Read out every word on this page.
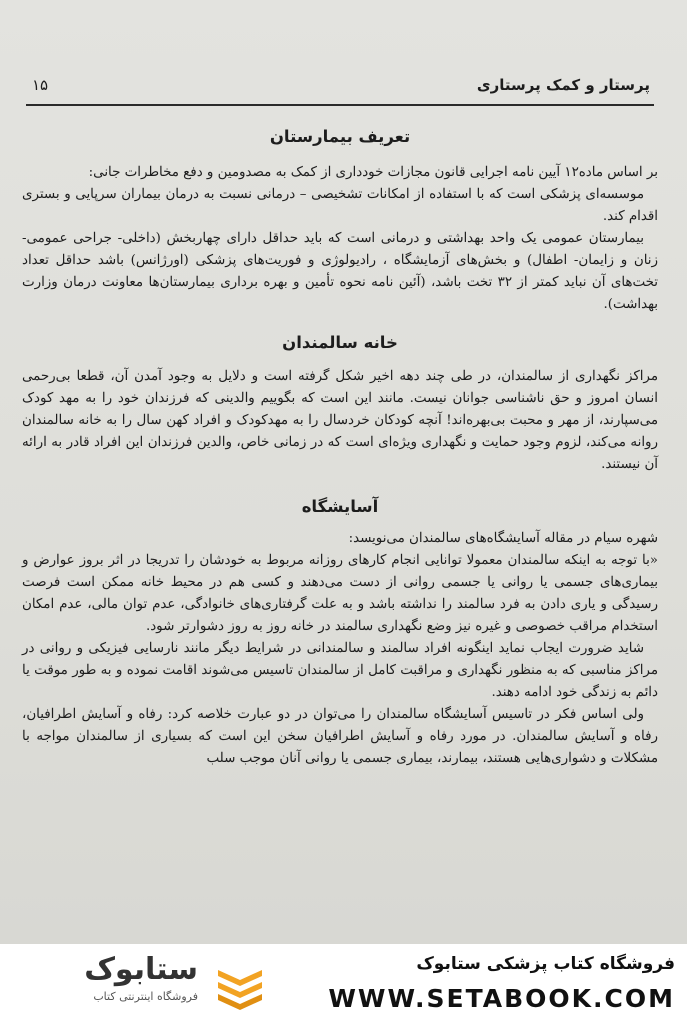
پرستار و کمک پرستاری
۱۵
تعریف بیمارستان

بر اساس ماده۱۲ آیین نامه اجرایی قانون مجازات خودداری از کمک به مصدومین و دفع مخاطرات جانی:

موسسه‌ای پزشکی است که با استفاده از امکانات تشخیصی – درمانی نسبت به درمان بیماران سرپایی و بستری اقدام کند.

بیمارستان عمومی یک واحد بهداشتی و درمانی است که باید حداقل دارای چهاربخش (داخلی- جراحی عمومی- زنان و زایمان- اطفال) و بخش‌های آزمایشگاه ، رادیولوژی و فوریت‌های پزشکی (اورژانس) باشد حداقل تعداد تخت‌های آن نباید کمتر از ۳۲ تخت باشد، (آئین نامه نحوه تأمین و بهره برداری بیمارستان‌ها معاونت درمان وزارت بهداشت).

خانه سالمندان

مراکز نگهداری از سالمندان، در طی چند دهه اخیر شکل گرفته است و دلایل به وجود آمدن آن، قطعا بی‌رحمی انسان امروز و حق ناشناسی جوانان نیست. مانند این است که بگوییم والدینی که فرزندان خود را به مهد کودک می‌سپارند، از مهر و محبت بی‌بهره‌اند! آنچه کودکان خردسال را به مهدکودک و افراد کهن سال را به خانه سالمندان روانه می‌کند، لزوم وجود حمایت و نگهداری ویژه‌ای است که در زمانی خاص، والدین فرزندان این افراد قادر به ارائه آن نیستند.

آسایشگاه

شهره سیام در مقاله آسایشگاه‌های سالمندان می‌نویسد:

«با توجه به اینکه سالمندان معمولا توانایی انجام کارهای روزانه مربوط به خودشان را تدریجا در اثر بروز عوارض و بیماری‌های جسمی یا روانی یا جسمی روانی از دست می‌دهند و کسی هم در محیط خانه ممکن است فرصت رسیدگی و یاری دادن به فرد سالمند را نداشته باشد و به علت گرفتاری‌های خانوادگی، عدم توان مالی، عدم امکان استخدام مراقب خصوصی و غیره نیز وضع نگهداری سالمند در خانه روز به روز دشوارتر شود.

شاید ضرورت ایجاب نماید اینگونه افراد سالمند و سالمندانی در شرایط دیگر مانند نارسایی فیزیکی و روانی در مراکز مناسبی که به منظور نگهداری و مراقبت کامل از سالمندان تاسیس می‌شوند اقامت نموده و به طور موقت یا دائم به زندگی خود ادامه دهند.

ولی اساس فکر در تاسیس آسایشگاه سالمندان را می‌توان در دو عبارت خلاصه کرد: رفاه و آسایش اطرافیان، رفاه و آسایش سالمندان. در مورد رفاه و آسایش اطرافیان سخن این است که بسیاری از سالمندان مواجه با مشکلات و دشواری‌هایی هستند، بیمارند، بیماری جسمی یا روانی آنان موجب سلب

ستابوک
فروشگاه اینترنتی کتاب
فروشگاه کتاب پزشکی ستابوک
WWW.SETABOOK.COM
